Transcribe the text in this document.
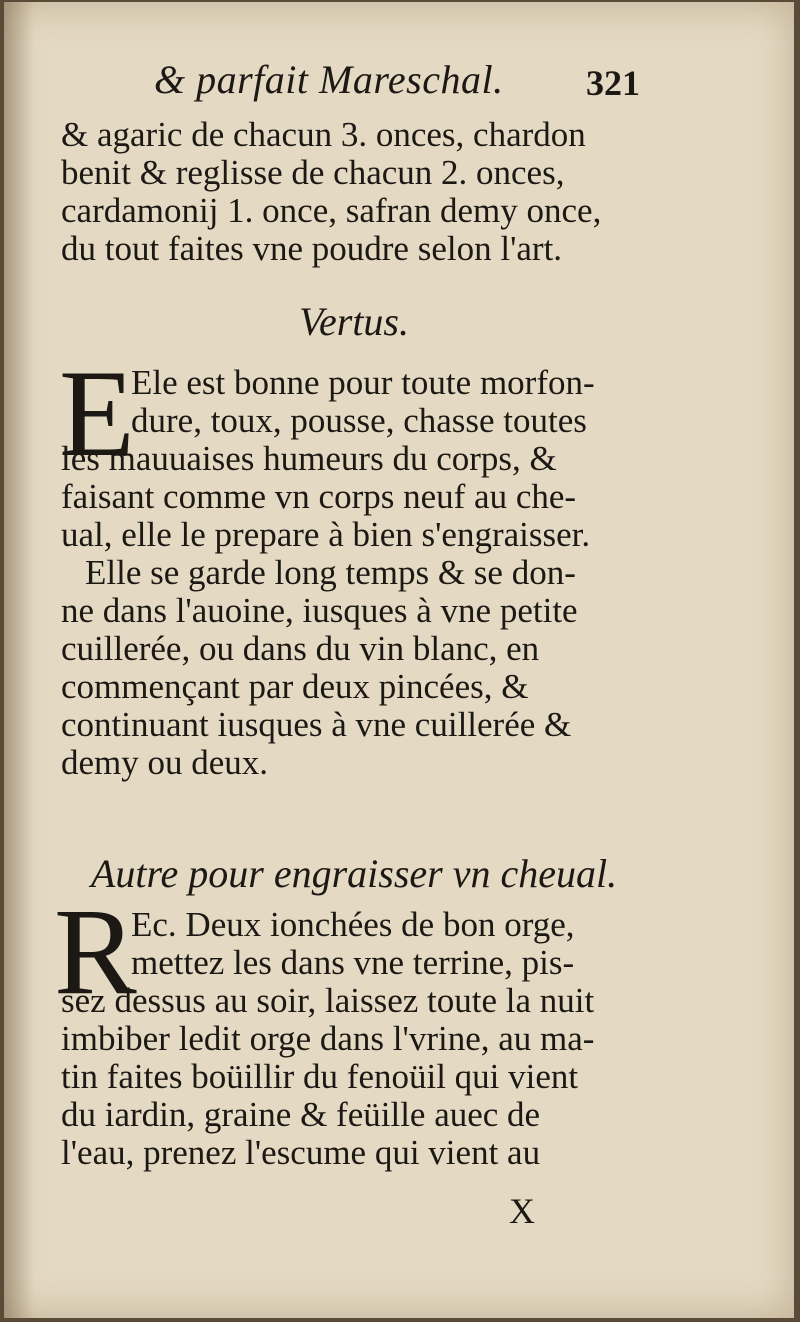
& parfait Mareschal. 321
& agaric de chacun 3. onces, chardon
benit & reglisse de chacun 2. onces,
cardamonij 1. once, safran demy once,
du tout faites vne poudre selon l'art.
Vertus.
E
Ele est bonne pour toute morfon-
dure, toux, pousse, chasse toutes
les mauuaises humeurs du corps, &
faisant comme vn corps neuf au che-
ual, elle le prepare à bien s'engraisser.
Elle se garde long temps & se don-
ne dans l'auoine, iusques à vne petite
cuillerée, ou dans du vin blanc, en
commençant par deux pincées, &
continuant iusques à vne cuillerée &
demy ou deux.
Autre pour engraisser vn cheual.
R
Ec. Deux ionchées de bon orge,
mettez les dans vne terrine, pis-
sez dessus au soir, laissez toute la nuit
imbiber ledit orge dans l'vrine, au ma-
tin faites boüillir du fenoüil qui vient
du iardin, graine & feüille auec de
l'eau, prenez l'escume qui vient au
X
